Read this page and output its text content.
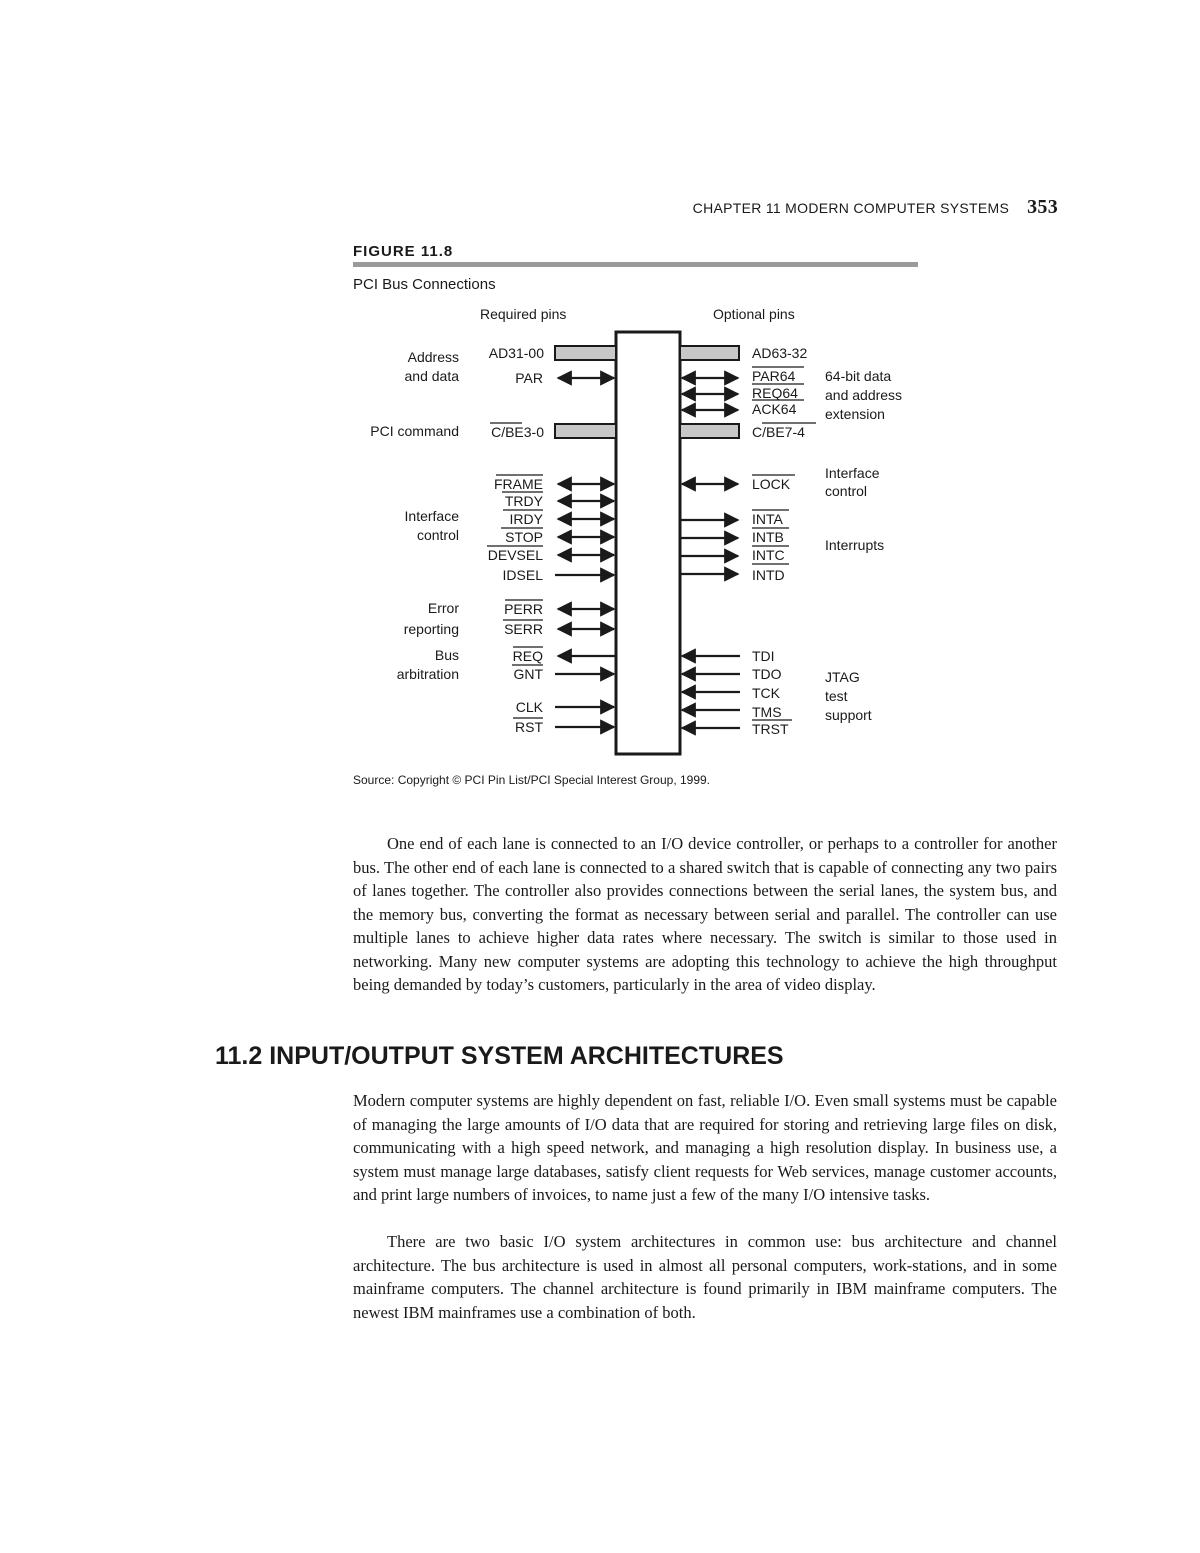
CHAPTER 11 MODERN COMPUTER SYSTEMS 353
FIGURE 11.8
PCI Bus Connections
Required pins	Optional pins
Address
and data
PCI command
Interface
control
Error
reporting
Bus
arbitration
AD31-00
PAR
C/BE3-0
FRAME
TRDY
IRDY
STOP
DEVSEL
IDSEL
PERR
SERR
REQ
GNT
CLK
RST
AD63-32
PAR64
REQ64
ACK64
C/BE7-4
LOCK
INTA
INTB
INTC
INTD
TDI
TDO
TCK
TMS
TRST
64-bit data
and address
extension
Interface
control
Interrupts
JTAG
test
support
Source: Copyright © PCI Pin List/PCI Special Interest Group, 1999.

One end of each lane is connected to an I/O device controller, or perhaps to a controller for another bus. The other end of each lane is connected to a shared switch that is capable of connecting any two pairs of lanes together. The controller also provides connections between the serial lanes, the system bus, and the memory bus, converting the format as necessary between serial and parallel. The controller can use multiple lanes to achieve higher data rates where necessary. The switch is similar to those used in networking. Many new computer systems are adopting this technology to achieve the high throughput being demanded by today’s customers, particularly in the area of video display.

11.2 INPUT/OUTPUT SYSTEM ARCHITECTURES

Modern computer systems are highly dependent on fast, reliable I/O. Even small systems must be capable of managing the large amounts of I/O data that are required for storing and retrieving large files on disk, communicating with a high speed network, and managing a high resolution display. In business use, a system must manage large databases, satisfy client requests for Web services, manage customer accounts, and print large numbers of invoices, to name just a few of the many I/O intensive tasks.

There are two basic I/O system architectures in common use: bus architecture and channel architecture. The bus architecture is used in almost all personal computers, work-stations, and in some mainframe computers. The channel architecture is found primarily in IBM mainframe computers. The newest IBM mainframes use a combination of both.
